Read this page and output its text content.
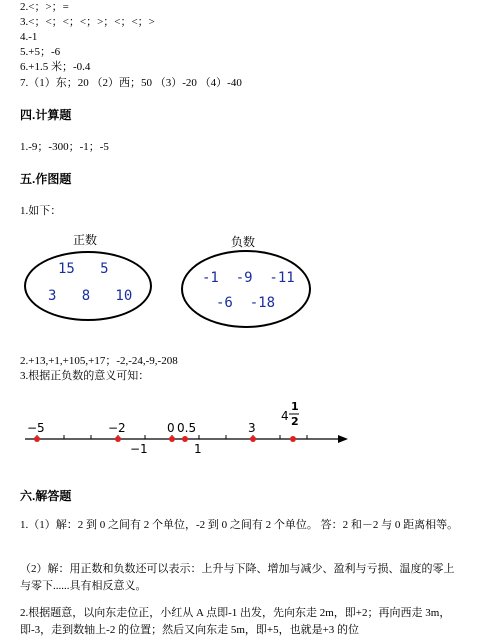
2.<；>；=
3.<；<；<；<；>；<；<；>
4.-1
5.+5；-6
6.+1.5 米；-0.4
7.（1）东；20 （2）西；50 （3）-20 （4）-40
四.计算题
1.-9；-300；-1；-5
五.作图题
1.如下：
正数
15   5
3   8   10
负数
-1  -9  -11
-6  -18
2.+13,+1,+105,+17；-2,-24,-9,-208
3.根据正负数的意义可知：
−5	−2	0 0.5	3
4
1
2
−1	1
六.解答题
1.（1）解：2 到 0 之间有 2 个单位，-2 到 0 之间有 2 个单位。 答：2 和－2 与 0 距离相等。
（2）解：用正数和负数还可以表示：上升与下降、增加与减少、盈利与亏损、温度的零上与零下......具有相反意义。
2.根据题意，以向东走位正，小红从 A 点即-1 出发，先向东走 2m，即+2；再向西走 3m，即-3，走到数轴上-2 的位置；然后又向东走 5m，即+5，也就是+3 的位
